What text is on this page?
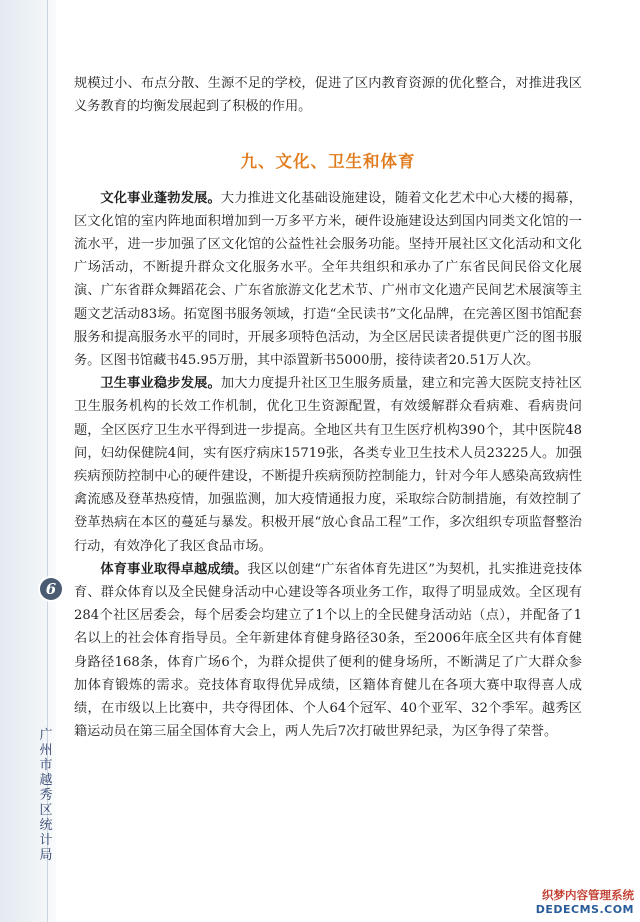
6
广
州
市
越
秀
区
统
计
局

规模过小、布点分散、生源不足的学校，促进了区内教育资源的优化整合，对推进我区义务教育的均衡发展起到了积极的作用。

九、文化、卫生和体育

文化事业蓬勃发展。大力推进文化基础设施建设，随着文化艺术中心大楼的揭幕，区文化馆的室内阵地面积增加到一万多平方米，硬件设施建设达到国内同类文化馆的一流水平，进一步加强了区文化馆的公益性社会服务功能。坚持开展社区文化活动和文化广场活动，不断提升群众文化服务水平。全年共组织和承办了广东省民间民俗文化展演、广东省群众舞蹈花会、广东省旅游文化艺术节、广州市文化遗产民间艺术展演等主题文艺活动83场。拓宽图书服务领域，打造“全民读书”文化品牌，在完善区图书馆配套服务和提高服务水平的同时，开展多项特色活动，为全区居民读者提供更广泛的图书服务。区图书馆藏书45.95万册，其中添置新书5000册，接待读者20.51万人次。

卫生事业稳步发展。加大力度提升社区卫生服务质量，建立和完善大医院支持社区卫生服务机构的长效工作机制，优化卫生资源配置，有效缓解群众看病难、看病贵问题，全区医疗卫生水平得到进一步提高。全地区共有卫生医疗机构390个，其中医院48间，妇幼保健院4间，实有医疗病床15719张，各类专业卫生技术人员23225人。加强疾病预防控制中心的硬件建设，不断提升疾病预防控制能力，针对今年人感染高致病性禽流感及登革热疫情，加强监测，加大疫情通报力度，采取综合防制措施，有效控制了登革热病在本区的蔓延与暴发。积极开展“放心食品工程”工作，多次组织专项监督整治行动，有效净化了我区食品市场。

体育事业取得卓越成绩。我区以创建“广东省体育先进区”为契机，扎实推进竞技体育、群众体育以及全民健身活动中心建设等各项业务工作，取得了明显成效。全区现有284个社区居委会，每个居委会均建立了1个以上的全民健身活动站（点），并配备了1名以上的社会体育指导员。全年新建体育健身路径30条，至2006年底全区共有体育健身路径168条，体育广场6个，为群众提供了便利的健身场所，不断满足了广大群众参加体育锻炼的需求。竞技体育取得优异成绩，区籍体育健儿在各项大赛中取得喜人成绩，在市级以上比赛中，共夺得团体、个人64个冠军、40个亚军、32个季军。越秀区籍运动员在第三届全国体育大会上，两人先后7次打破世界纪录，为区争得了荣誉。

织梦内容管理系统
DEDECMS.COM
